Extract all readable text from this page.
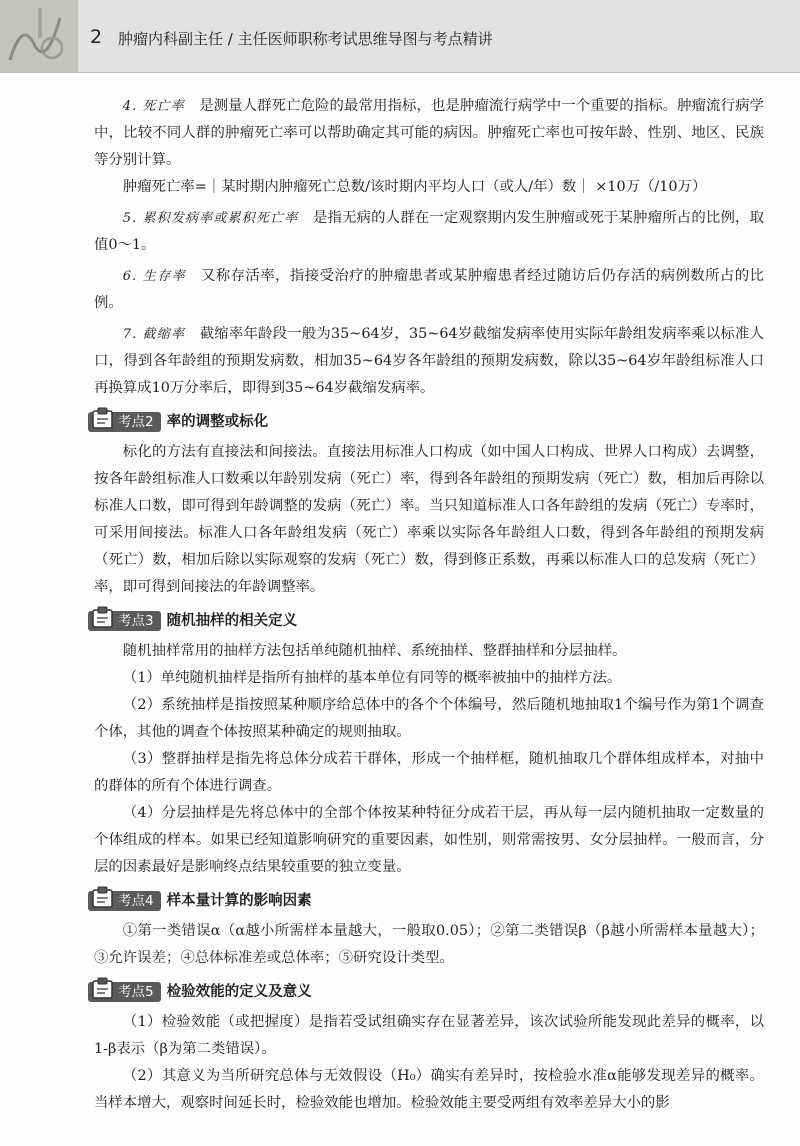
2 肿瘤内科副主任 / 主任医师职称考试思维导图与考点精讲

4. 死亡率　 是测量人群死亡危险的最常用指标，也是肿瘤流行病学中一个重要的指标。肿瘤流行病学中，比较不同人群的肿瘤死亡率可以帮助确定其可能的病因。肿瘤死亡率也可按年龄、性别、地区、民族等分别计算。

肿瘤死亡率=｜某时期内肿瘤死亡总数/该时期内平均人口（或人/年）数｜ ×10万（/10万）

5. 累积发病率或累积死亡率　 是指无病的人群在一定观察期内发生肿瘤或死于某肿瘤所占的比例，取值0～1。

6. 生存率　 又称存活率，指接受治疗的肿瘤患者或某肿瘤患者经过随访后仍存活的病例数所占的比例。

7. 截缩率　 截缩率年龄段一般为35~64岁，35~64岁截缩发病率使用实际年龄组发病率乘以标准人口，得到各年龄组的预期发病数，相加35~64岁各年龄组的预期发病数，除以35~64岁年龄组标准人口再换算成10万分率后，即得到35~64岁截缩发病率。

考点2 率的调整或标化

标化的方法有直接法和间接法。直接法用标准人口构成（如中国人口构成、世界人口构成）去调整，按各年龄组标准人口数乘以年龄别发病（死亡）率，得到各年龄组的预期发病（死亡）数，相加后再除以标准人口数，即可得到年龄调整的发病（死亡）率。当只知道标准人口各年龄组的发病（死亡）专率时，可采用间接法。标准人口各年龄组发病（死亡）率乘以实际各年龄组人口数，得到各年龄组的预期发病（死亡）数，相加后除以实际观察的发病（死亡）数，得到修正系数，再乘以标准人口的总发病（死亡）率，即可得到间接法的年龄调整率。

考点3 随机抽样的相关定义

随机抽样常用的抽样方法包括单纯随机抽样、系统抽样、整群抽样和分层抽样。

（1）单纯随机抽样是指所有抽样的基本单位有同等的概率被抽中的抽样方法。

（2）系统抽样是指按照某种顺序给总体中的各个个体编号，然后随机地抽取1个编号作为第1个调查个体，其他的调查个体按照某种确定的规则抽取。

（3）整群抽样是指先将总体分成若干群体，形成一个抽样框，随机抽取几个群体组成样本，对抽中的群体的所有个体进行调查。

（4）分层抽样是先将总体中的全部个体按某种特征分成若干层，再从每一层内随机抽取一定数量的个体组成的样本。如果已经知道影响研究的重要因素，如性别，则常需按男、女分层抽样。一般而言，分层的因素最好是影响终点结果较重要的独立变量。

考点4 样本量计算的影响因素

①第一类错误α（α越小所需样本量越大，一般取0.05）；②第二类错误β（β越小所需样本量越大）；③允许误差；④总体标准差或总体率；⑤研究设计类型。

考点5 检验效能的定义及意义

（1）检验效能（或把握度）是指若受试组确实存在显著差异，该次试验所能发现此差异的概率，以1-β表示（β为第二类错误）。

（2）其意义为当所研究总体与无效假设（H₀）确实有差异时，按检验水准α能够发现差异的概率。当样本增大，观察时间延长时，检验效能也增加。检验效能主要受两组有效率差异大小的影
